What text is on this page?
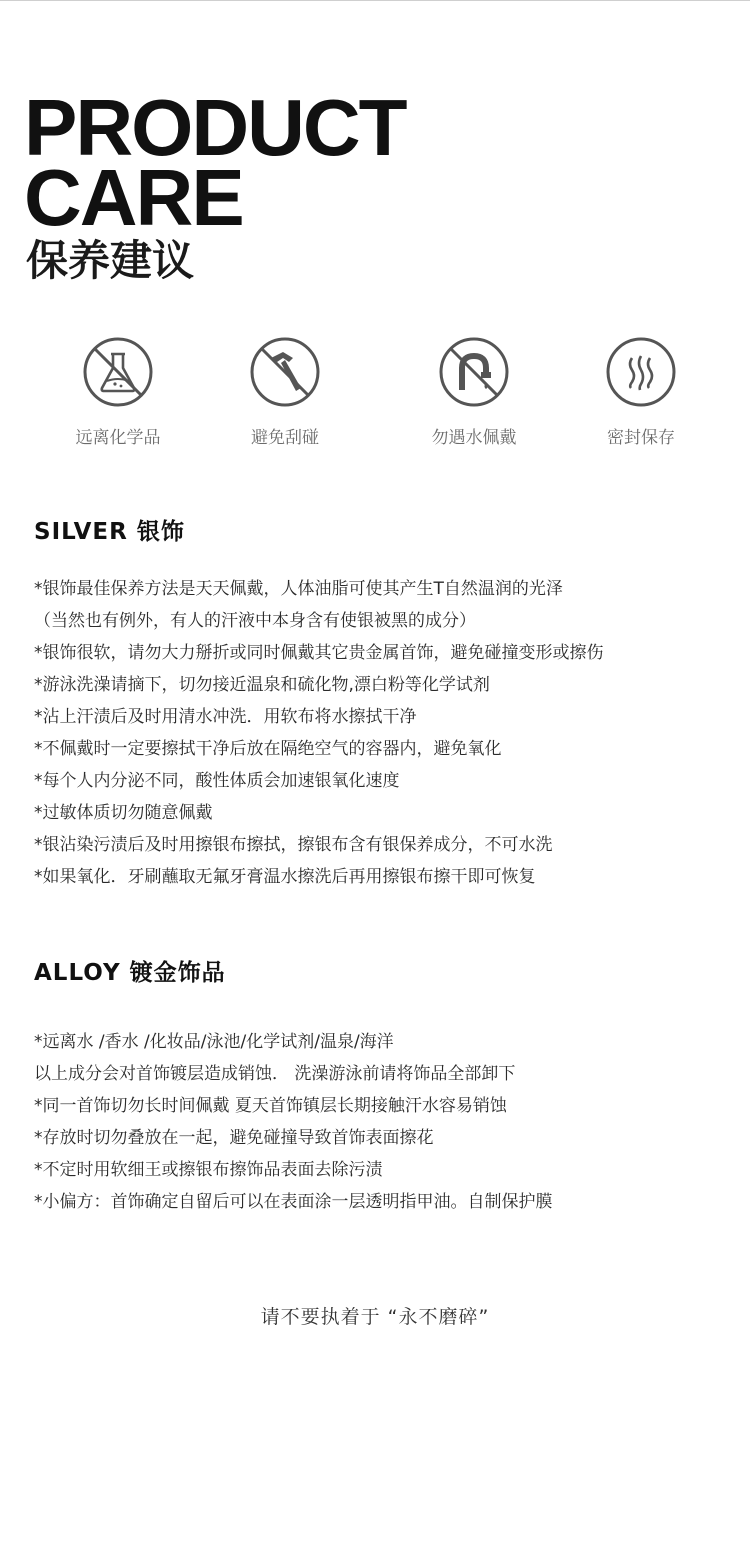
PRODUCT
CARE
保养建议
远离化学品	避免刮碰	勿遇水佩戴	密封保存
SILVER 银饰
*银饰最佳保养方法是天天佩戴，人体油脂可使其产生T自然温润的光泽
（当然也有例外，有人的汗液中本身含有使银被黑的成分）
*银饰很软，请勿大力掰折或同时佩戴其它贵金属首饰，避免碰撞变形或擦伤
*游泳洗澡请摘下，切勿接近温泉和硫化物,漂白粉等化学试剂
*沾上汗渍后及时用清水冲洗．用软布将水擦拭干净
*不佩戴时一定要擦拭干净后放在隔绝空气的容器内，避免氧化
*每个人内分泌不同，酸性体质会加速银氧化速度
*过敏体质切勿随意佩戴
*银沾染污渍后及时用擦银布擦拭，擦银布含有银保养成分，不可水洗
*如果氧化．牙刷蘸取无氟牙膏温水擦洗后再用擦银布擦干即可恢复
ALLOY 镀金饰品
*远离水 /香水 /化妆品/泳池/化学试剂/温泉/海洋
以上成分会对首饰镀层造成销蚀． 洗澡游泳前请将饰品全部卸下
*同一首饰切勿长时间佩戴 夏天首饰镇层长期接触汗水容易销蚀
*存放时切勿叠放在一起，避免碰撞导致首饰表面擦花
*不定时用软细王或擦银布擦饰品表面去除污渍
*小偏方：首饰确定自留后可以在表面涂一层透明指甲油。自制保护膜

请不要执着于 “永不磨碎”
